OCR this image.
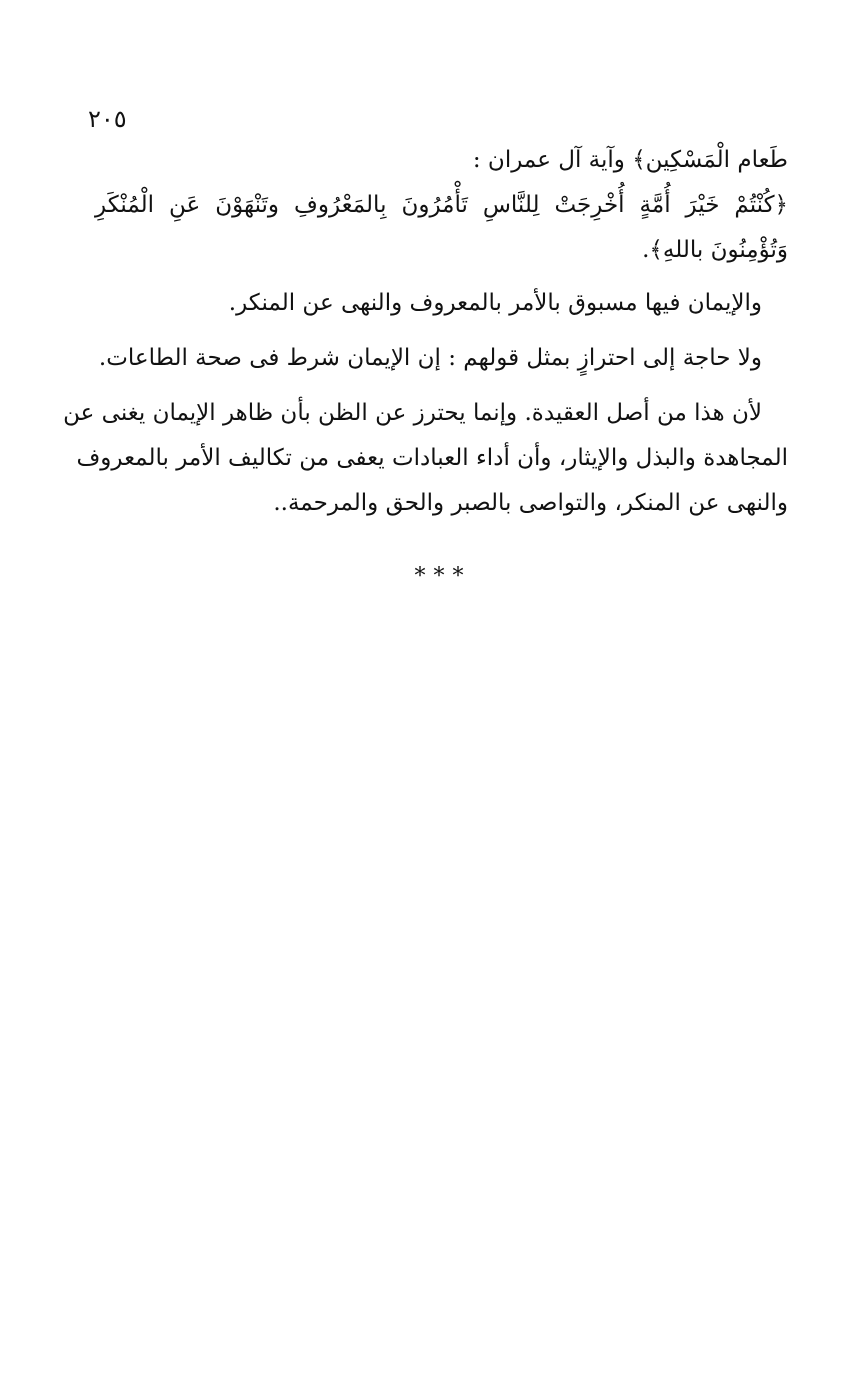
٢٠٥
طَعام الْمَسْكِين﴾ وآية آل عمران :
﴿كُنْتُمْ خَيْرَ أُمَّةٍ أُخْرِجَتْ لِلنَّاسِ تَأْمُرُونَ بِالمَعْرُوفِ وتَنْهَوْنَ عَنِ الْمُنْكَرِ
وَتُؤْمِنُونَ باللهِ﴾.
والإيمان فيها مسبوق بالأمر بالمعروف والنهى عن المنكر.
ولا حاجة إلى احترازٍ بمثل قولهم : إن الإيمان شرط فى صحة الطاعات.
لأن هذا من أصل العقيدة. وإنما يحترز عن الظن بأن ظاهر الإيمان يغنى عن
المجاهدة والبذل والإيثار، وأن أداء العبادات يعفى من تكاليف الأمر بالمعروف
والنهى عن المنكر، والتواصى بالصبر والحق والمرحمة..
***
